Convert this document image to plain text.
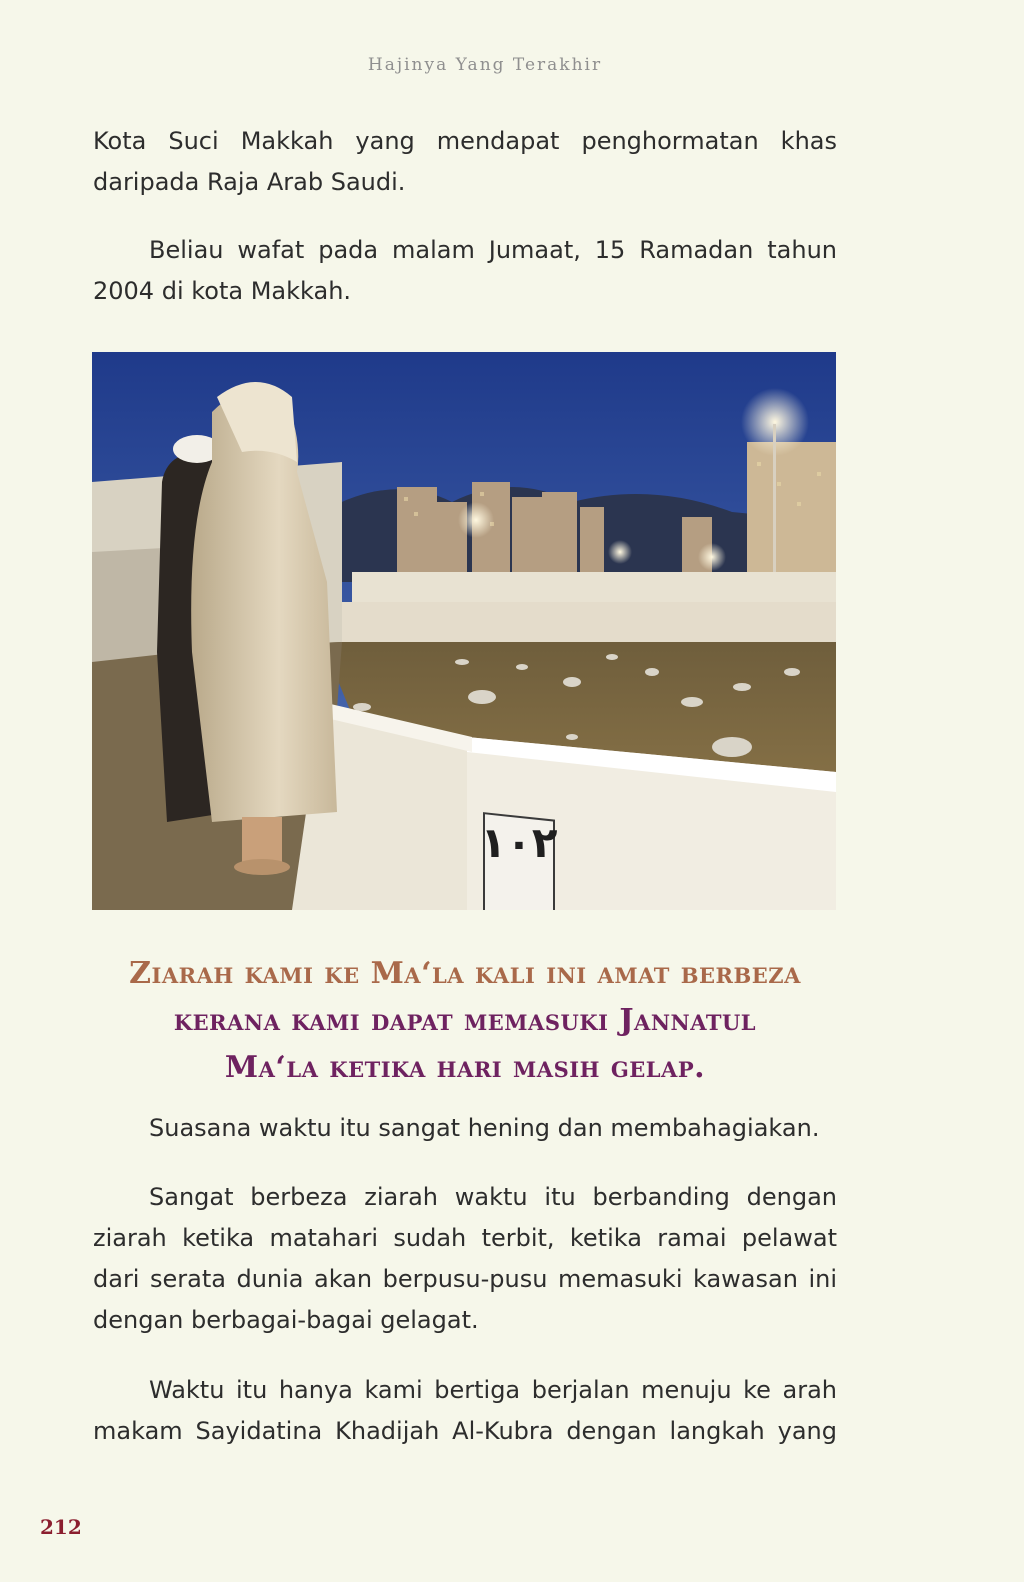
Hajinya Yang Terakhir

Kota Suci Makkah yang mendapat penghormatan khas daripada Raja Arab Saudi.

Beliau wafat pada malam Jumaat, 15 Ramadan tahun 2004 di kota Makkah.

١٠٢
Ziarah kami ke Ma‘la kali ini amat berbeza
kerana kami dapat memasuki Jannatul
Ma‘la ketika hari masih gelap.

Suasana waktu itu sangat hening dan membahagiakan.

Sangat berbeza ziarah waktu itu berbanding dengan ziarah ketika matahari sudah terbit, ketika ramai pelawat dari serata dunia akan berpusu-pusu memasuki kawasan ini dengan berbagai-bagai gelagat.

Waktu itu hanya kami bertiga berjalan menuju ke arah
makam Sayidatina Khadijah Al-Kubra dengan langkah yang
212
